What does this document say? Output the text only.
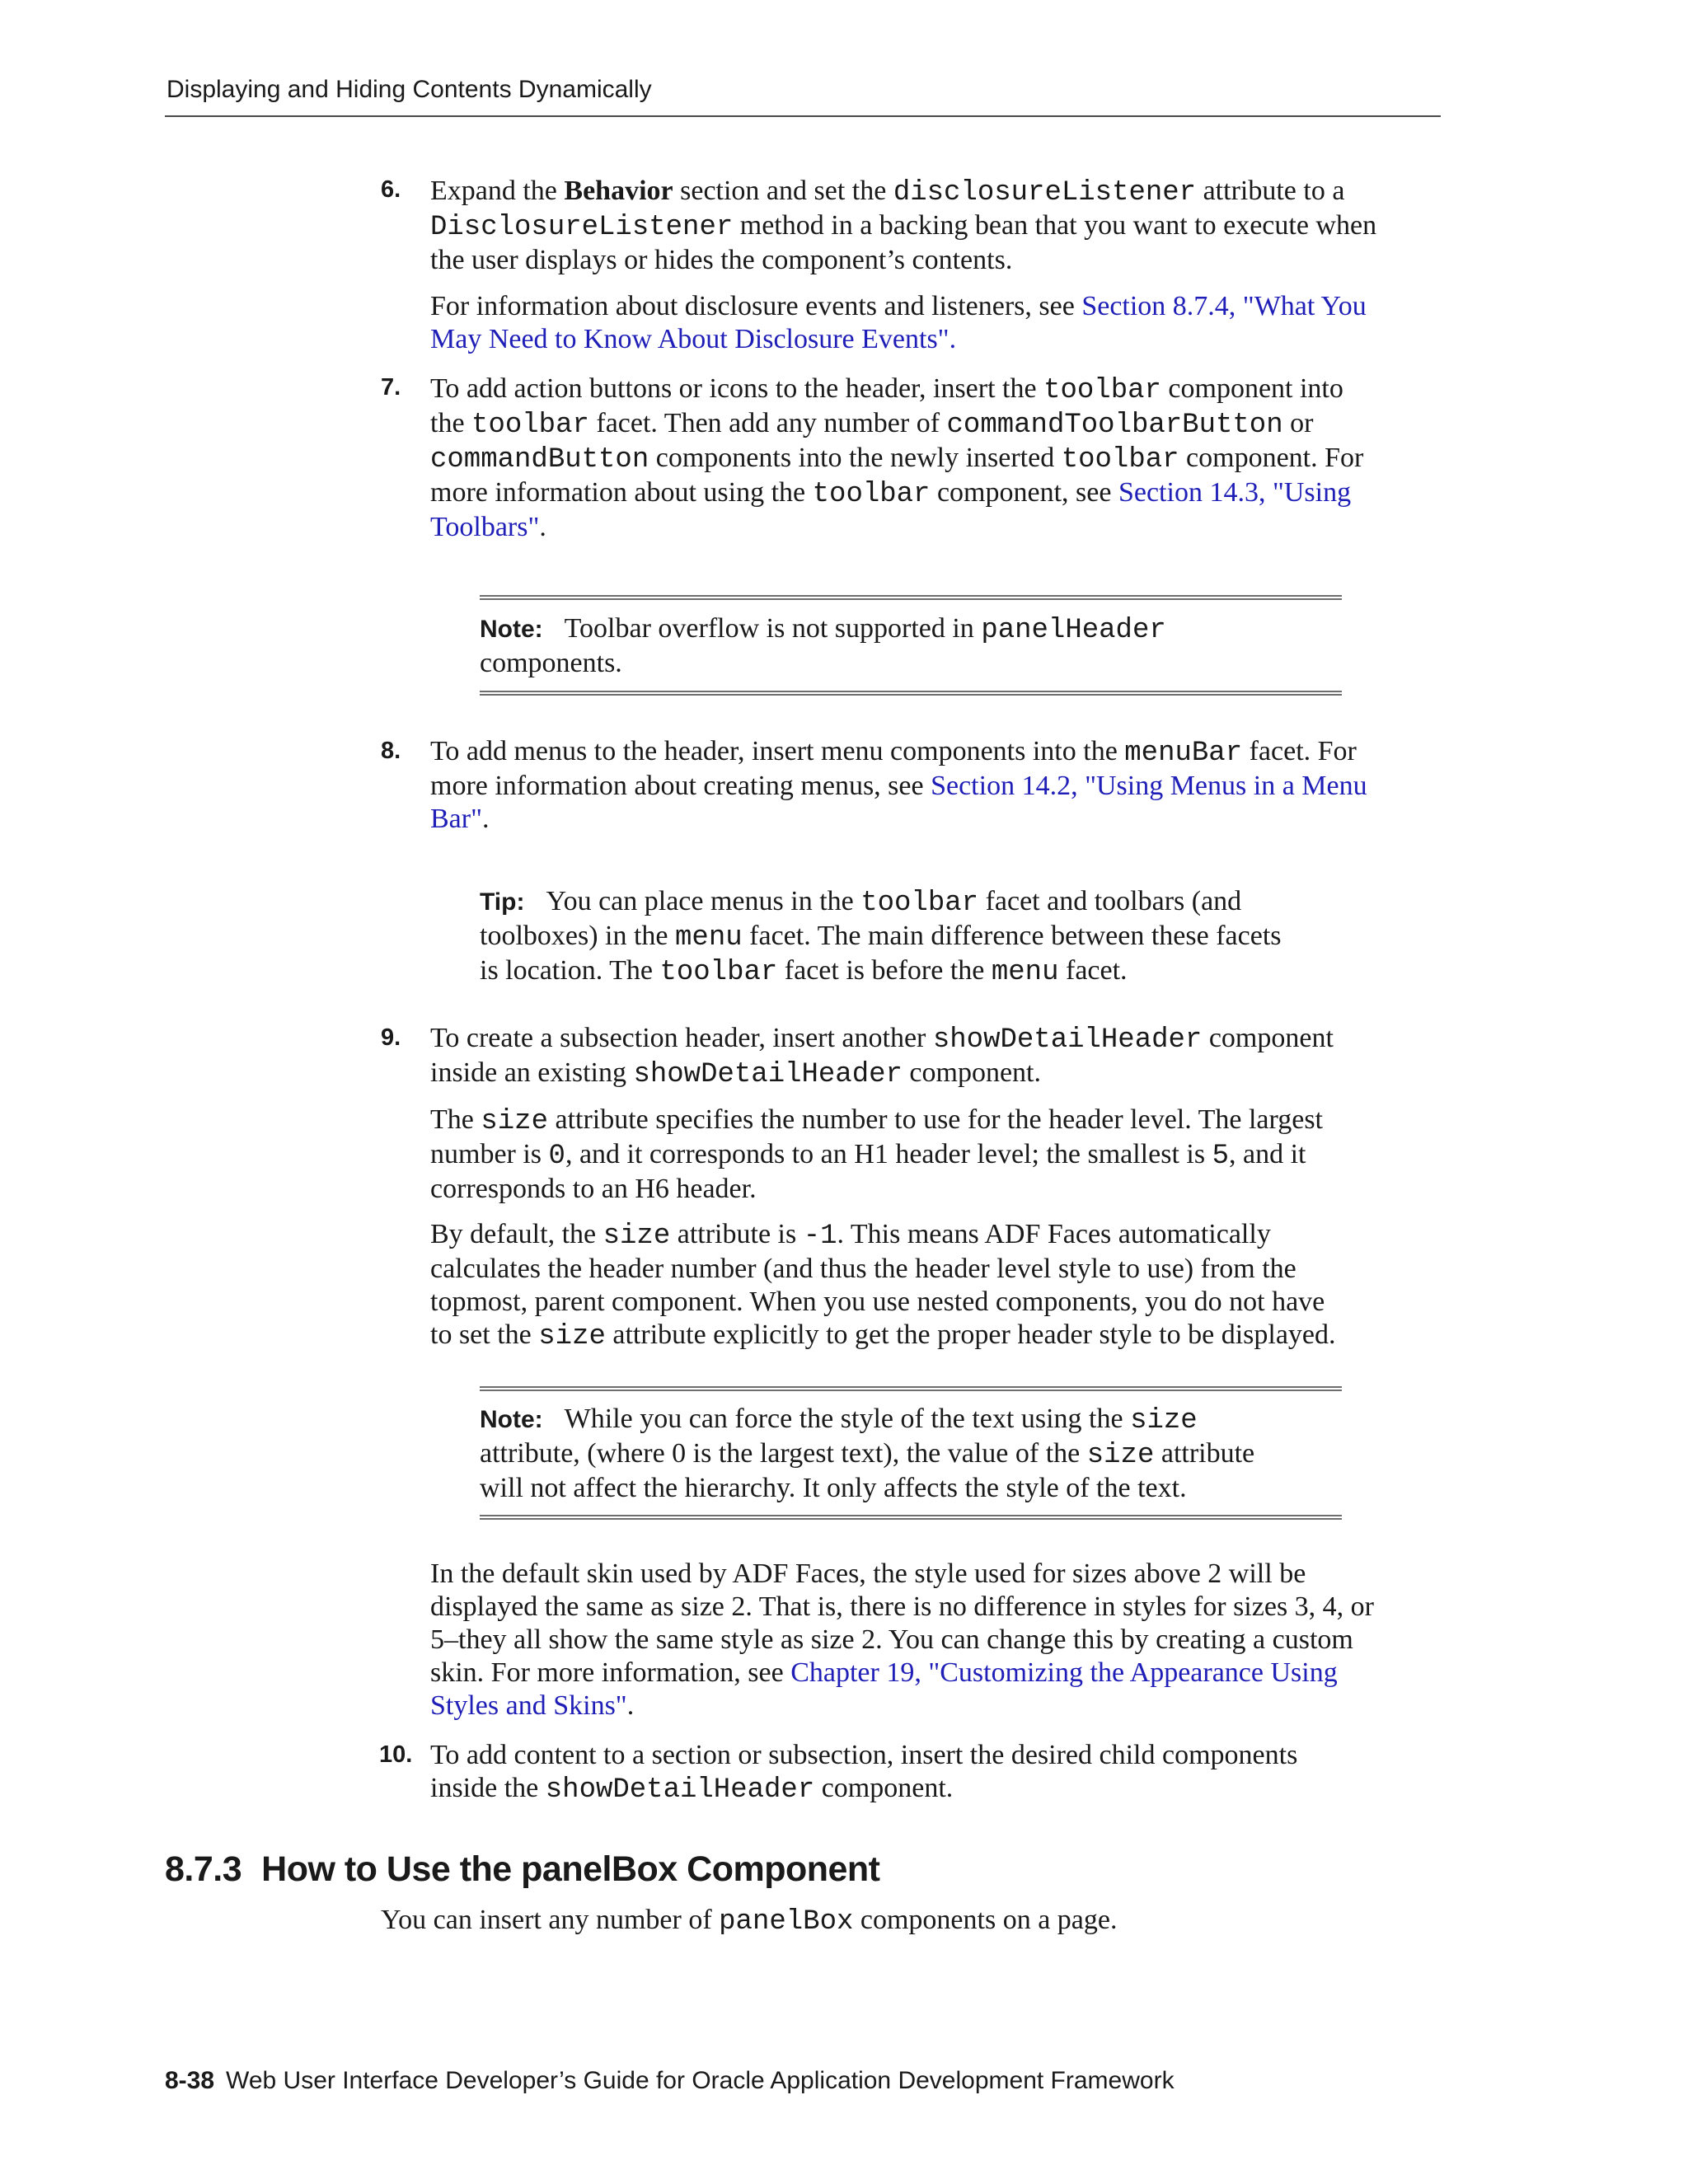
Displaying and Hiding Contents Dynamically
6. Expand the Behavior section and set the disclosureListener attribute to a

DisclosureListener method in a backing bean that you want to execute when

the user displays or hides the component’s contents.

For information about disclosure events and listeners, see Section 8.7.4, "What You

May Need to Know About Disclosure Events".

7. To add action buttons or icons to the header, insert the toolbar component into

the toolbar facet. Then add any number of commandToolbarButton or

commandButton components into the newly inserted toolbar component. For

more information about using the toolbar component, see Section 14.3, "Using

Toolbars".

Note: Toolbar overflow is not supported in panelHeader
components.
8. To add menus to the header, insert menu components into the menuBar facet. For

more information about creating menus, see Section 14.2, "Using Menus in a Menu

Bar".

Tip: You can place menus in the toolbar facet and toolbars (and
toolboxes) in the menu facet. The main difference between these facets
is location. The toolbar facet is before the menu facet.
9. To create a subsection header, insert another showDetailHeader component

inside an existing showDetailHeader component.

The size attribute specifies the number to use for the header level. The largest

number is 0, and it corresponds to an H1 header level; the smallest is 5, and it

corresponds to an H6 header.

By default, the size attribute is -1. This means ADF Faces automatically

calculates the header number (and thus the header level style to use) from the

topmost, parent component. When you use nested components, you do not have

to set the size attribute explicitly to get the proper header style to be displayed.

Note: While you can force the style of the text using the size
attribute, (where 0 is the largest text), the value of the size attribute
will not affect the hierarchy. It only affects the style of the text.

In the default skin used by ADF Faces, the style used for sizes above 2 will be

displayed the same as size 2. That is, there is no difference in styles for sizes 3, 4, or

5–they all show the same style as size 2. You can change this by creating a custom

skin. For more information, see Chapter 19, "Customizing the Appearance Using

Styles and Skins".

10. To add content to a section or subsection, insert the desired child components

inside the showDetailHeader component.

8.7.3 How to Use the panelBox Component

You can insert any number of panelBox components on a page.

8-38 Web User Interface Developer’s Guide for Oracle Application Development Framework
